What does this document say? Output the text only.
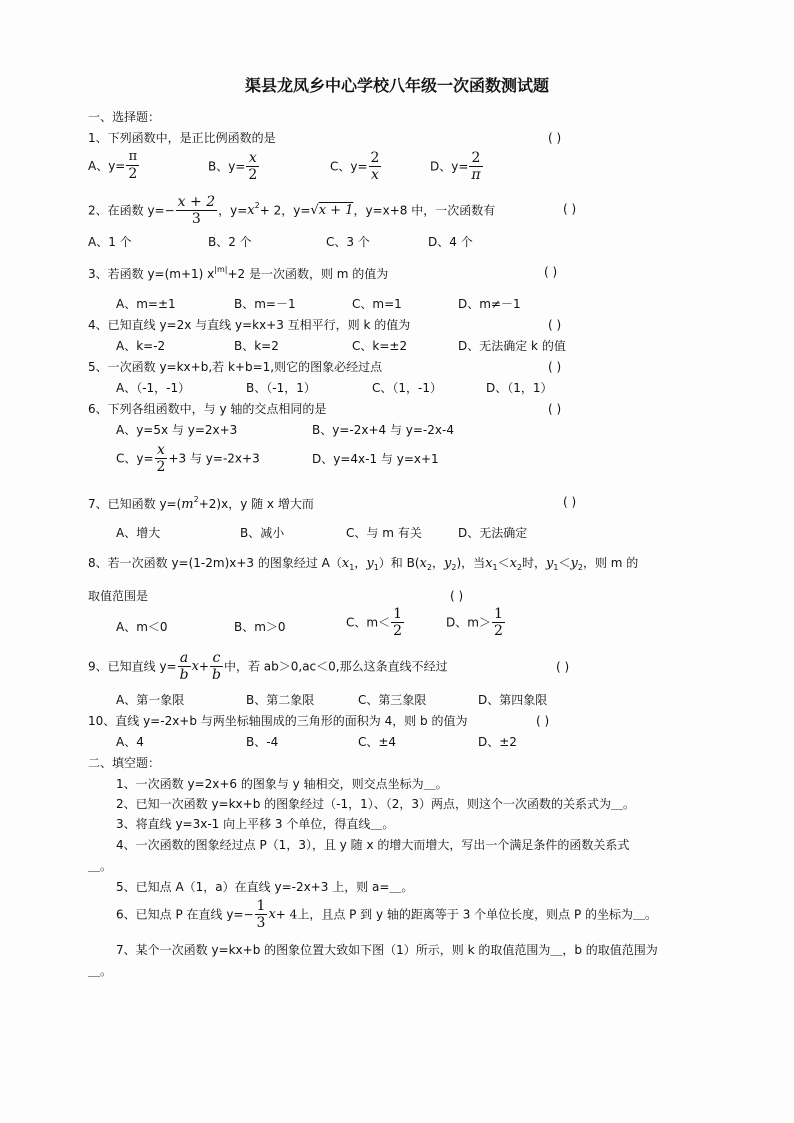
渠县龙凤乡中心学校八年级一次函数测试题
一、选择题：
1、下列函数中，是正比例函数的是	( )
A、$y= \frac{\pi}{2}$	B、$y= \frac{x}{2}$	C、$y= \frac{2}{x}$	D、$y= \frac{2}{\pi}$
2、在函数 $y=- \frac{x + 2}{3}$ ，$y=x^2+ 2$，y=√x + 1，y=x+8 中，一次函数有	( )
A、1 个	B、2 个	C、3 个	D、4 个
3、若函数 y=(m+1) $x^{|m|}+2$ 是一次函数，则 m 的值为	( )
A、m=±1	B、m=－1	C、m=1	D、m≠－1
4、已知直线 y=2x 与直线 y=kx+3 互相平行，则 k 的值为	( )
A、k=-2	B、k=2	C、k=±2	D、无法确定 k 的值
5、一次函数 y=kx+b,若 k+b=1,则它的图象必经过点	( )
A、（-1，-1）	B、（-1，1）	C、（1，-1）	D、（1，1）
6、下列各组函数中，与 y 轴的交点相同的是	( )
A、y=5x 与 y=2x+3	B、y=-2x+4 与 y=-2x-4
C、$y= \frac{x}{2} +3$ 与 y=-2x+3	D、y=4x-1 与 y=x+1
7、已知函数 $y=(m^2+2)x$，y 随 x 增大而	( )
A、增大	B、减小	C、与 m 有关	D、无法确定
8、若一次函数 y=(1-2m)x+3 的图象经过 $A(x_1$，$y_1$）和 $B(x_2$，$y_2$)，当$x_1<x_2$时，$y_1<y_2$，则 m 的
取值范围是	( )
A、m＜0	B、m＞0	C、$m< \frac{1}{2}$	D、$m> \frac{1}{2}$
9、已知直线 $y= \frac{a}{b} x+ \frac{c}{b}$ 中，若 ab＞0,ac＜0,那么这条直线不经过	( )
A、第一象限	B、第二象限	C、第三象限	D、第四象限
10、直线 y=-2x+b 与两坐标轴围成的三角形的面积为 4，则 b 的值为	( )
A、4	B、-4	C、±4	D、±2
二、填空题：
1、一次函数 y=2x+6 的图象与 y 轴相交，则交点坐标为＿。
2、已知一次函数 y=kx+b 的图象经过（-1，1）、（2，3）两点，则这个一次函数的关系式为＿。
3、将直线 y=3x-1 向上平移 3 个单位，得直线＿。
4、一次函数的图象经过点 P（1，3），且 y 随 x 的增大而增大，写出一个满足条件的函数关系式
＿。
5、已知点 A（1，a）在直线 y=-2x+3 上，则 a=＿。
6、已知点 P 在直线 $y=- \frac{1}{3} x+ 4$上，且点 P 到 y 轴的距离等于 3 个单位长度，则点 P 的坐标为＿。
7、某个一次函数 y=kx+b 的图象位置大致如下图（1）所示，则 k 的取值范围为＿，b 的取值范围为
＿。
